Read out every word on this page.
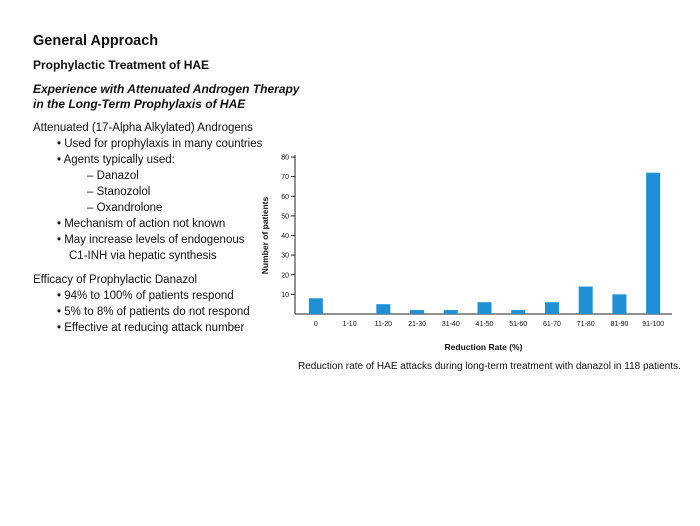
General Approach
Prophylactic Treatment of HAE
Experience with Attenuated Androgen Therapy
in the Long-Term Prophylaxis of HAE
Attenuated (17-Alpha Alkylated) Androgens
• Used for prophylaxis in many countries
• Agents typically used:
– Danazol
– Stanozolol
– Oxandrolone
• Mechanism of action not known
• May increase levels of endogenous
C1-INH via hepatic synthesis
Efficacy of Prophylactic Danazol
• 94% to 100% of patients respond
• 5% to 8% of patients do not respond
• Effective at reducing attack number
10
20
30
40
50
60
70
80
0	1-10	11-20 21-30 31-40 41-50 51-60 61-70 71-80 81-90 91-100
Number of patients
Reduction Rate (%)
Reduction rate of HAE attacks during long-term treatment with danazol in 118 patients.
